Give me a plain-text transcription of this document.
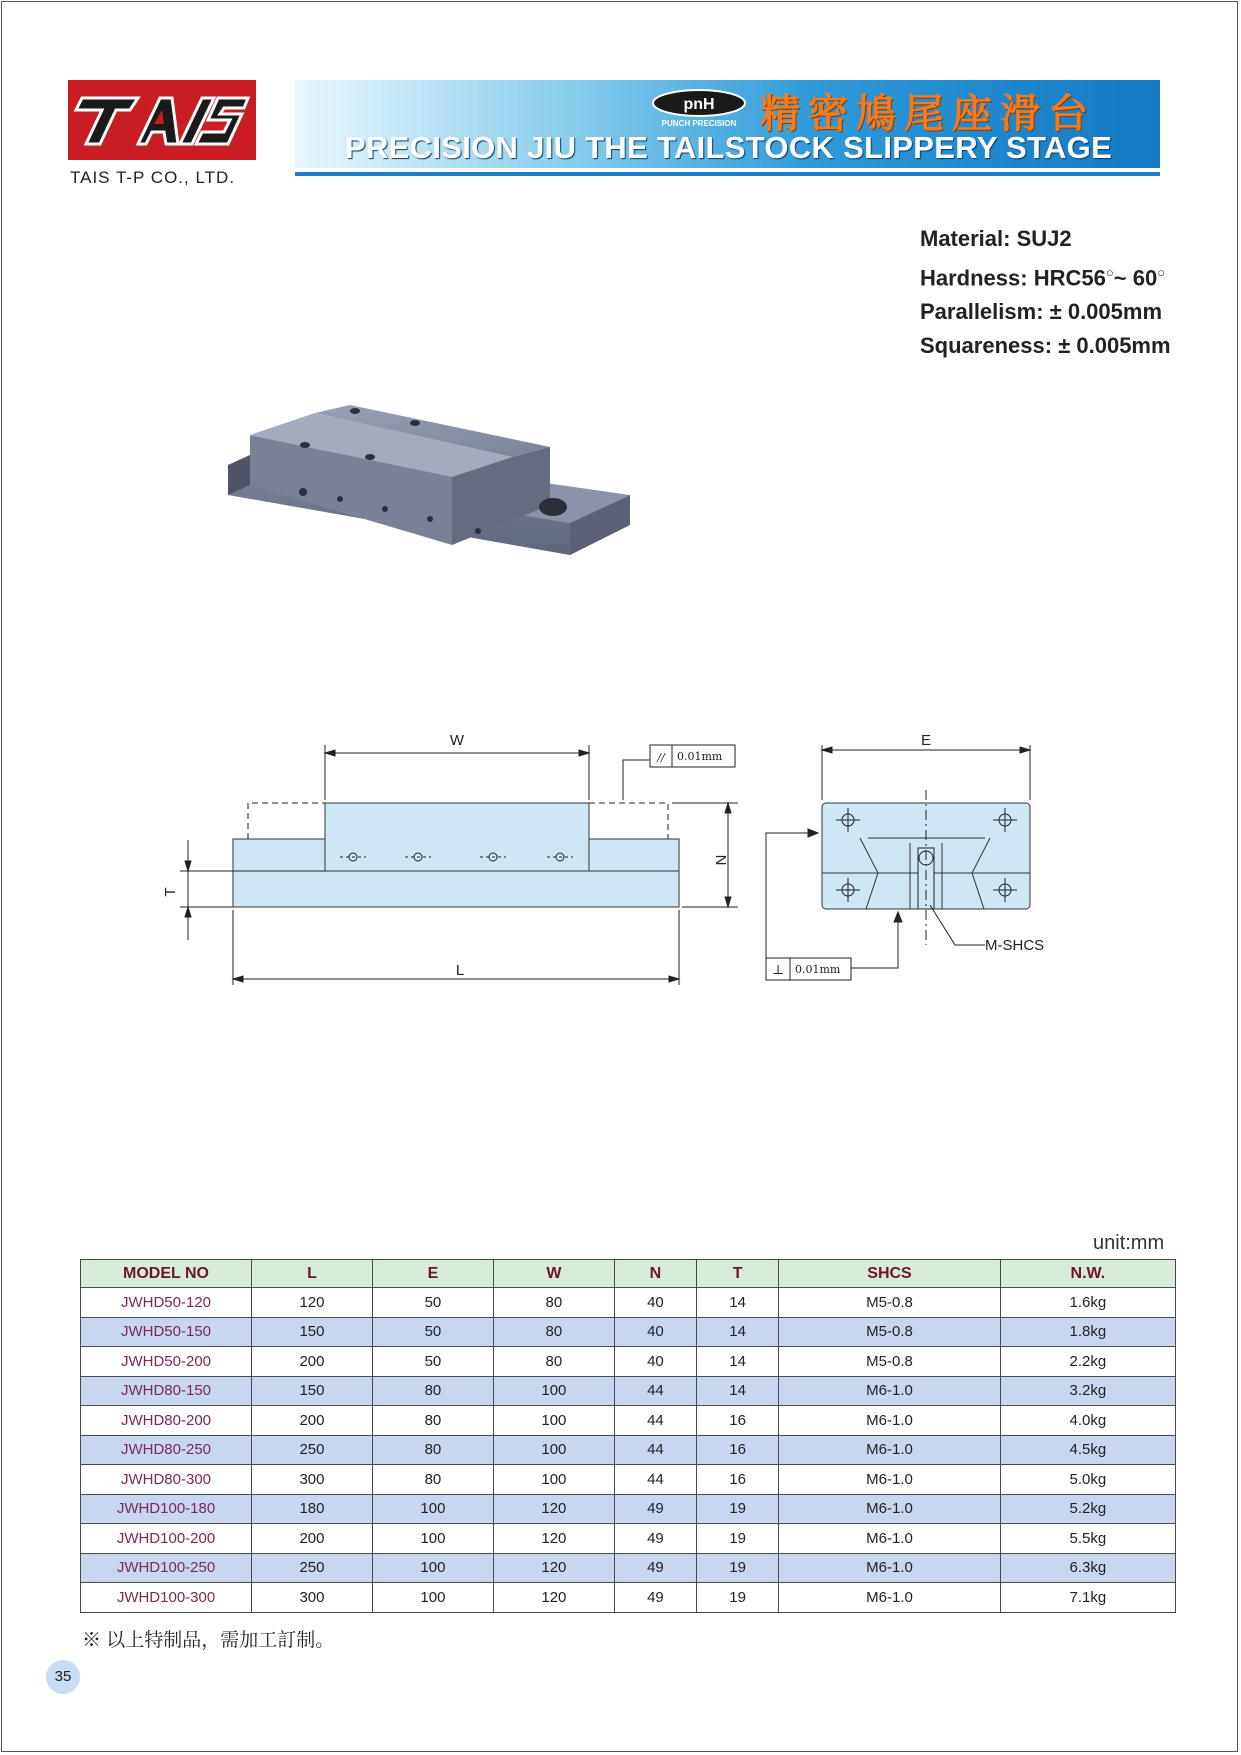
TAIS T-P CO., LTD.
pnH
PUNCH PRECISION 精密鳩尾座滑台
PRECISION JIU THE TAILSTOCK SLIPPERY STAGE
Material: SUJ2
Hardness: HRC56○~ 60○
Parallelism: ± 0.005mm
Squareness: ± 0.005mm
W
L
N
T
E
M-SHCS
// 0.01mm
⊥ 0.01mm
unit:mm
MODEL NO	L	E	W	N	T	SHCS	N.W.
JWHD50-120	120	50	80	40	14	M5-0.8	1.6kg
JWHD50-150	150	50	80	40	14	M5-0.8	1.8kg
JWHD50-200	200	50	80	40	14	M5-0.8	2.2kg
JWHD80-150	150	80	100	44	14	M6-1.0	3.2kg
JWHD80-200	200	80	100	44	16	M6-1.0	4.0kg
JWHD80-250	250	80	100	44	16	M6-1.0	4.5kg
JWHD80-300	300	80	100	44	16	M6-1.0	5.0kg
JWHD100-180	180	100	120	49	19	M6-1.0	5.2kg
JWHD100-200	200	100	120	49	19	M6-1.0	5.5kg
JWHD100-250	250	100	120	49	19	M6-1.0	6.3kg
JWHD100-300	300	100	120	49	19	M6-1.0	7.1kg
※ 以上特制品，需加工訂制。
35
